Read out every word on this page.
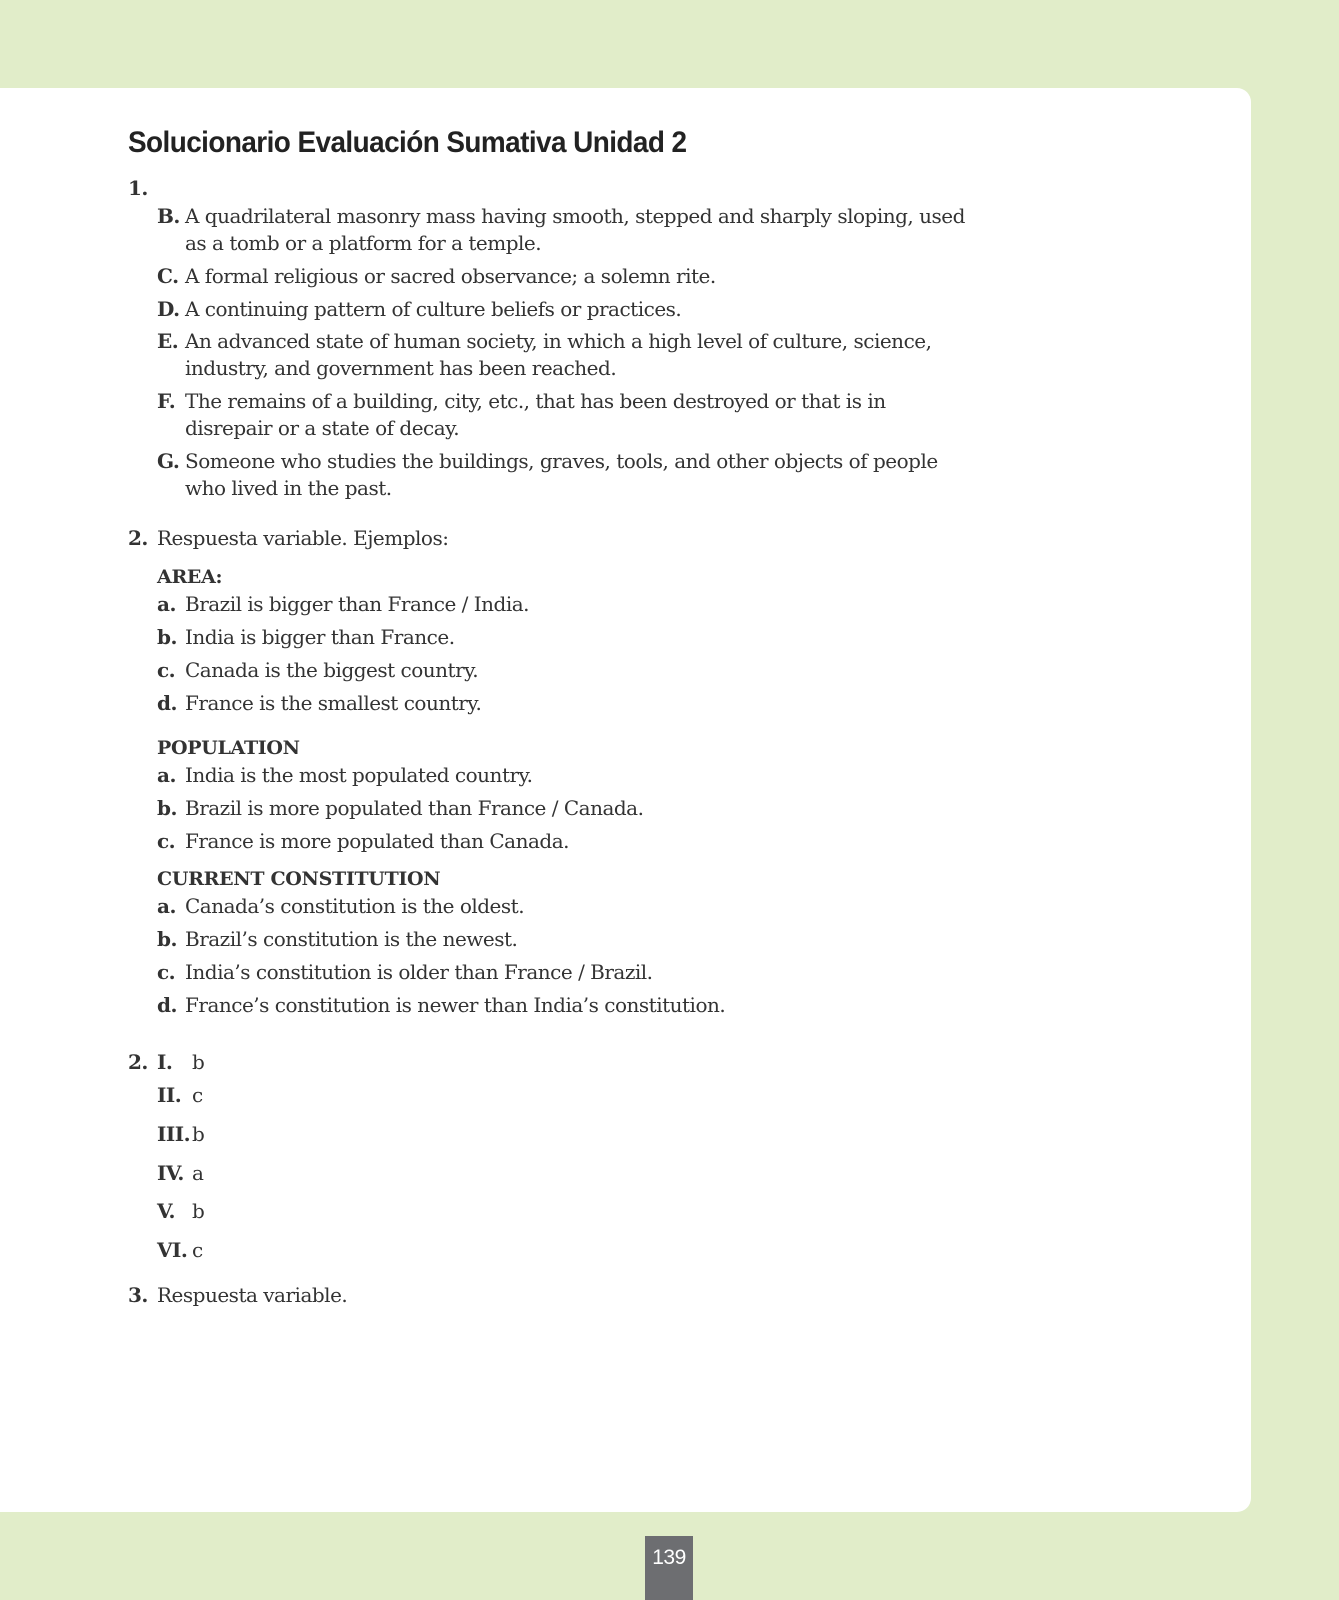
Solucionario Evaluación Sumativa Unidad 2
1.
B. A quadrilateral masonry mass having smooth, stepped and sharply sloping, used as a tomb or a platform for a temple.
C. A formal religious or sacred observance; a solemn rite.
D. A continuing pattern of culture beliefs or practices.
E. An advanced state of human society, in which a high level of culture, science, industry, and government has been reached.
F. The remains of a building, city, etc., that has been destroyed or that is in disrepair or a state of decay.
G. Someone who studies the buildings, graves, tools, and other objects of people who lived in the past.
2. Respuesta variable. Ejemplos:
AREA:
a. Brazil is bigger than France / India.
b. India is bigger than France.
c. Canada is the biggest country.
d. France is the smallest country.
POPULATION
a. India is the most populated country.
b. Brazil is more populated than France / Canada.
c. France is more populated than Canada.
CURRENT CONSTITUTION
a. Canada’s constitution is the oldest.
b. Brazil’s constitution is the newest.
c. India’s constitution is older than France / Brazil.
d. France’s constitution is newer than India’s constitution.
2. I. b
II. c
III. b
IV. a
V. b
VI. c
3. Respuesta variable.
139
